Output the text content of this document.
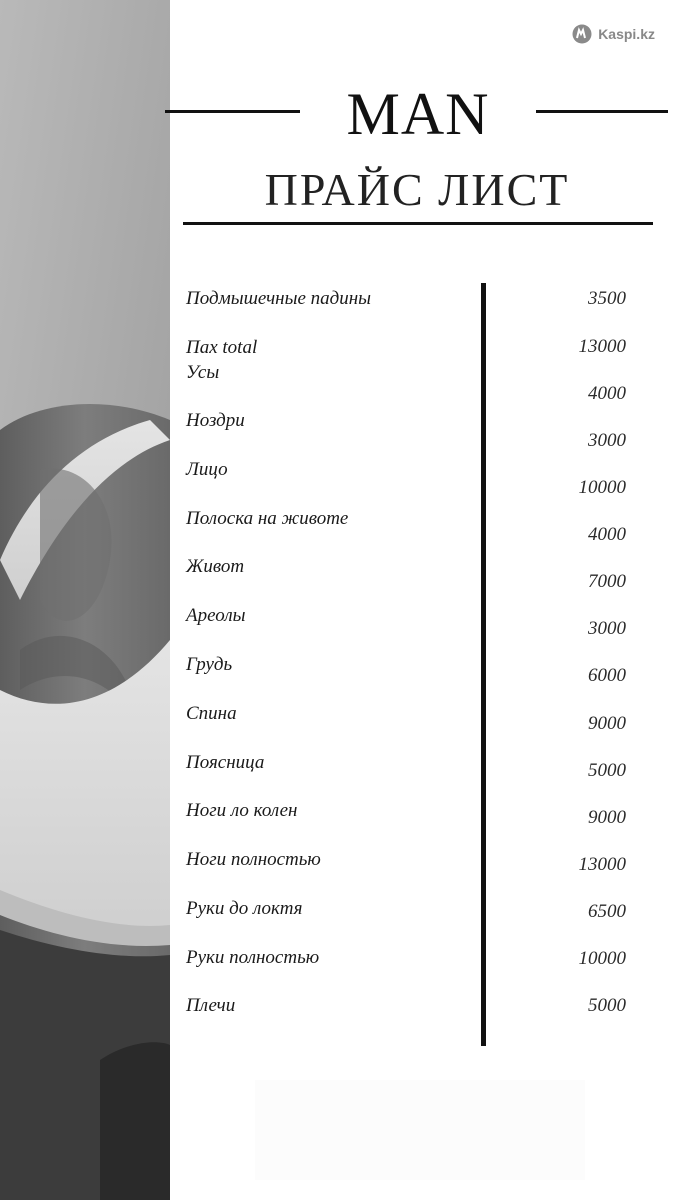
Kaspi.kz
MAN
ПРАЙС ЛИСТ
Подмышечные падины
Пах total
Усы
Ноздри
Лицо
Полоска на животе
Живот
Ареолы
Грудь
Спина
Поясница
Ноги ло колен
Ноги полностью
Руки до локтя
Руки полностью
Плечи
3500
13000
4000
3000
10000
4000
7000
3000
6000
9000
5000
9000
13000
6500
10000
5000
